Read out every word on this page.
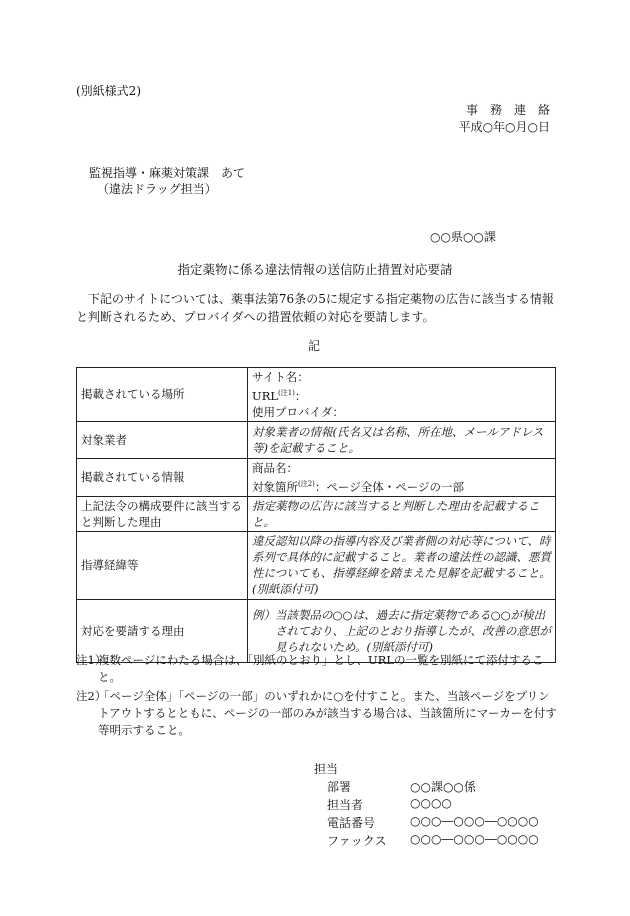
(別紙様式2)
事　務　連　絡
平成○年○月○日
監視指導・麻薬対策課　あて
（違法ドラッグ担当）
○○県○○課
指定薬物に係る違法情報の送信防止措置対応要請
下記のサイトについては、薬事法第76条の5に規定する指定薬物の広告に該当する情報と判断されるため、プロバイダへの措置依頼の対応を要請します。
記
掲載されている場所	サイト名：
$URL^{(注1)}$：
使用プロバイダ：

対象業者	対象業者の情報(氏名又は名称、所在地、メールアドレス等)を記載すること。
掲載されている情報	商品名：
対象箇所$^{(注2)}$：ページ全体・ページの一部

上記法令の構成要件に該当すると判断した理由	指定薬物の広告に該当すると判断した理由を記載すること。
指導経緯等	違反認知以降の指導内容及び業者側の対応等について、時系列で具体的に記載すること。業者の違法性の認識、悪質性についても、指導経緯を踏まえた見解を記載すること。(別紙添付可)
対応を要請する理由	例） 当該製品の○○は、過去に指定薬物である○○が検出されており、上記のとおり指導したが、改善の意思が見られないため。(別紙添付可)
注1）
複数ページにわたる場合は、「別紙のとおり」とし、URLの一覧を別紙にて添付すること。
注2）
「ページ全体」「ページの一部」のいずれかに○を付すこと。また、当該ページをプリントアウトするとともに、ページの一部のみが該当する場合は、当該箇所にマーカーを付す等明示すること。
担当
部署	○○課○○係
担当者	○○○○
電話番号	○○○―○○○―○○○○
ファックス ○○○―○○○―○○○○
